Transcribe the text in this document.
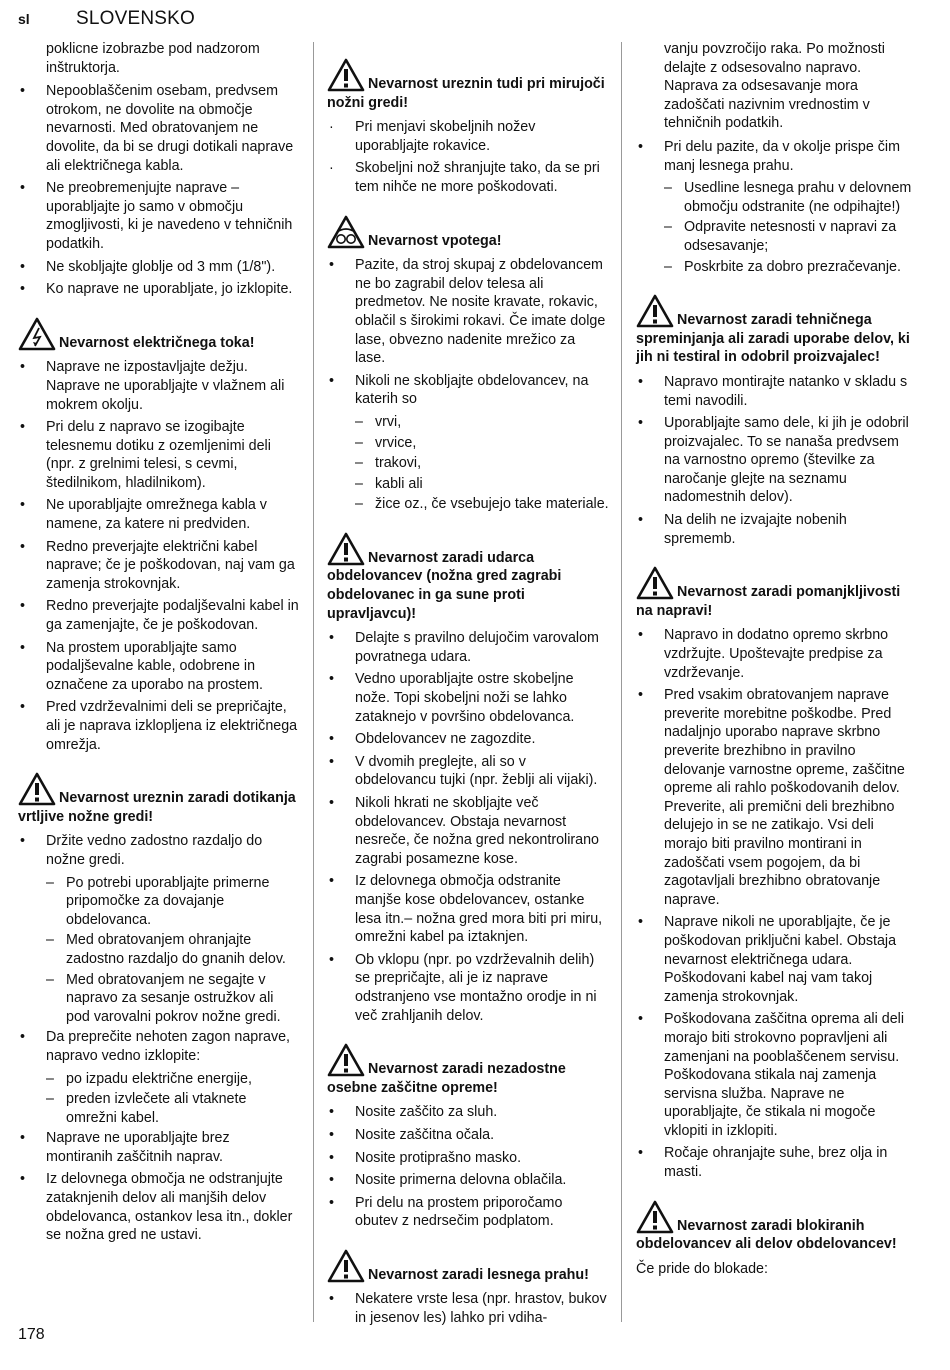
sl SLOVENSKO
poklicne izobrazbe pod nadzorom inštruktorja.
• Nepooblaščenim osebam, predvsem otrokom, ne dovolite na območje nevarnosti. Med obratovanjem ne dovolite, da bi se drugi dotikali naprave ali električnega kabla.
• Ne preobremenjujte naprave – uporabljajte jo samo v območju zmogljivosti, ki je navedeno v tehničnih podatkih.
• Ne skobljajte globlje od 3 mm (1/8").
• Ko naprave ne uporabljate, jo izklopite.
Nevarnost električnega toka!
• Naprave ne izpostavljajte dežju. Naprave ne uporabljajte v vlažnem ali mokrem okolju.
• Pri delu z napravo se izogibajte telesnemu dotiku z ozemljenimi deli (npr. z grelnimi telesi, s cevmi, štedilnikom, hladilnikom).
• Ne uporabljajte omrežnega kabla v namene, za katere ni predviden.
• Redno preverjajte električni kabel naprave; če je poškodovan, naj vam ga zamenja strokovnjak.
• Redno preverjajte podaljševalni kabel in ga zamenjajte, če je poškodovan.
• Na prostem uporabljajte samo podaljševalne kable, odobrene in označene za uporabo na prostem.
• Pred vzdrževalnimi deli se prepričajte, ali je naprava izklopljena iz električnega omrežja.
Nevarnost ureznin zaradi dotikanja vrtljive nožne gredi!
• Držite vedno zadostno razdaljo do nožne gredi.
– Po potrebi uporabljajte primerne pripomočke za dovajanje obdelovanca.
– Med obratovanjem ohranjajte zadostno razdaljo do gnanih delov.
– Med obratovanjem ne segajte v napravo za sesanje ostružkov ali pod varovalni pokrov nožne gredi.
• Da preprečite nehoten zagon naprave, napravo vedno izklopite:
– po izpadu električne energije,
– preden izvlečete ali vtaknete omrežni kabel.
• Naprave ne uporabljajte brez montiranih zaščitnih naprav.
• Iz delovnega območja ne odstranjujte zataknjenih delov ali manjših delov obdelovanca, ostankov lesa itn., dokler se nožna gred ne ustavi.
Nevarnost ureznin tudi pri mirujoči nožni gredi!
· Pri menjavi skobeljnih nožev uporabljajte rokavice.
· Skobeljni nož shranjujte tako, da se pri tem nihče ne more poškodovati.
Nevarnost vpotega!
• Pazite, da stroj skupaj z obdelovancem ne bo zagrabil delov telesa ali predmetov. Ne nosite kravate, rokavic, oblačil s širokimi rokavi. Če imate dolge lase, obvezno nadenite mrežico za lase.
• Nikoli ne skobljajte obdelovancev, na katerih so
– vrvi,
– vrvice,
– trakovi,
– kabli ali
– žice oz., če vsebujejo take materiale.
Nevarnost zaradi udarca obdelovancev (nožna gred zagrabi obdelovanec in ga sune proti upravljavcu)!
• Delajte s pravilno delujočim varovalom povratnega udara.
• Vedno uporabljajte ostre skobeljne nože. Topi skobeljni noži se lahko zataknejo v površino obdelovanca.
• Obdelovancev ne zagozdite.
• V dvomih preglejte, ali so v obdelovancu tujki (npr. žeblji ali vijaki).
• Nikoli hkrati ne skobljajte več obdelovancev. Obstaja nevarnost nesreče, če nožna gred nekontrolirano zagrabi posamezne kose.
• Iz delovnega območja odstranite manjše kose obdelovancev, ostanke lesa itn.– nožna gred mora biti pri miru, omrežni kabel pa iztaknjen.
• Ob vklopu (npr. po vzdrževalnih delih) se prepričajte, ali je iz naprave odstranjeno vse montažno orodje in ni več zrahljanih delov.
Nevarnost zaradi nezadostne osebne zaščitne opreme!
• Nosite zaščito za sluh.
• Nosite zaščitna očala.
• Nosite protiprašno masko.
• Nosite primerna delovna oblačila.
• Pri delu na prostem priporočamo obutev z nedrsečim podplatom.
Nevarnost zaradi lesnega prahu!
• Nekatere vrste lesa (npr. hrastov, bukov in jesenov les) lahko pri vdiha-
vanju povzročijo raka. Po možnosti delajte z odsesovalno napravo. Naprava za odsesavanje mora zadoščati nazivnim vrednostim v tehničnih podatkih.
• Pri delu pazite, da v okolje prispe čim manj lesnega prahu.
– Usedline lesnega prahu v delovnem območju odstranite (ne odpihajte!)
– Odpravite netesnosti v napravi za odsesavanje;
– Poskrbite za dobro prezračevanje.
Nevarnost zaradi tehničnega spreminjanja ali zaradi uporabe delov, ki jih ni testiral in odobril proizvajalec!
• Napravo montirajte natanko v skladu s temi navodili.
• Uporabljajte samo dele, ki jih je odobril proizvajalec. To se nanaša predvsem na varnostno opremo (številke za naročanje glejte na seznamu nadomestnih delov).
• Na delih ne izvajajte nobenih sprememb.
Nevarnost zaradi pomanjkljivosti na napravi!
• Napravo in dodatno opremo skrbno vzdržujte. Upoštevajte predpise za vzdrževanje.
• Pred vsakim obratovanjem naprave preverite morebitne poškodbe. Pred nadaljnjo uporabo naprave skrbno preverite brezhibno in pravilno delovanje varnostne opreme, zaščitne opreme ali rahlo poškodovanih delov. Preverite, ali premični deli brezhibno delujejo in se ne zatikajo. Vsi deli morajo biti pravilno montirani in zadoščati vsem pogojem, da bi zagotavljali brezhibno obratovanje naprave.
• Naprave nikoli ne uporabljajte, če je poškodovan priključni kabel. Obstaja nevarnost električnega udara. Poškodovani kabel naj vam takoj zamenja strokovnjak.
• Poškodovana zaščitna oprema ali deli morajo biti strokovno popravljeni ali zamenjani na pooblaščenem servisu. Poškodovana stikala naj zamenja servisna služba. Naprave ne uporabljajte, če stikala ni mogoče vklopiti in izklopiti.
• Ročaje ohranjajte suhe, brez olja in masti.
Nevarnost zaradi blokiranih obdelovancev ali delov obdelovancev!
Če pride do blokade:
178
